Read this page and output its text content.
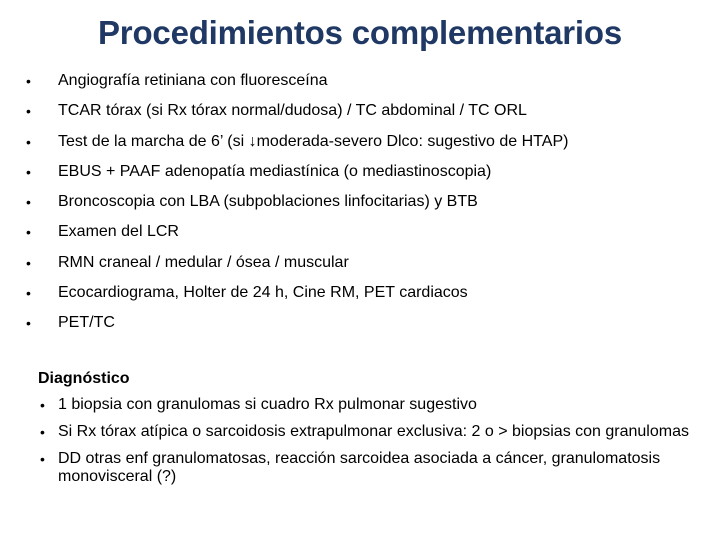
Procedimientos complementarios
• Angiografía retiniana con fluoresceína
• TCAR tórax (si Rx tórax normal/dudosa) / TC abdominal / TC ORL
• Test de la marcha de 6’ (si ↓moderada-severo Dlco: sugestivo de HTAP)
• EBUS + PAAF adenopatía mediastínica (o mediastinoscopia)
• Broncoscopia con LBA (subpoblaciones linfocitarias) y BTB
• Examen del LCR
• RMN craneal / medular / ósea / muscular
• Ecocardiograma, Holter de 24 h, Cine RM, PET cardiacos
• PET/TC

Diagnóstico

• 1 biopsia con granulomas si cuadro Rx pulmonar sugestivo
• Si Rx tórax atípica o sarcoidosis extrapulmonar exclusiva: 2 o > biopsias con granulomas
• DD otras enf granulomatosas, reacción sarcoidea asociada a cáncer, granulomatosis monovisceral (?)
